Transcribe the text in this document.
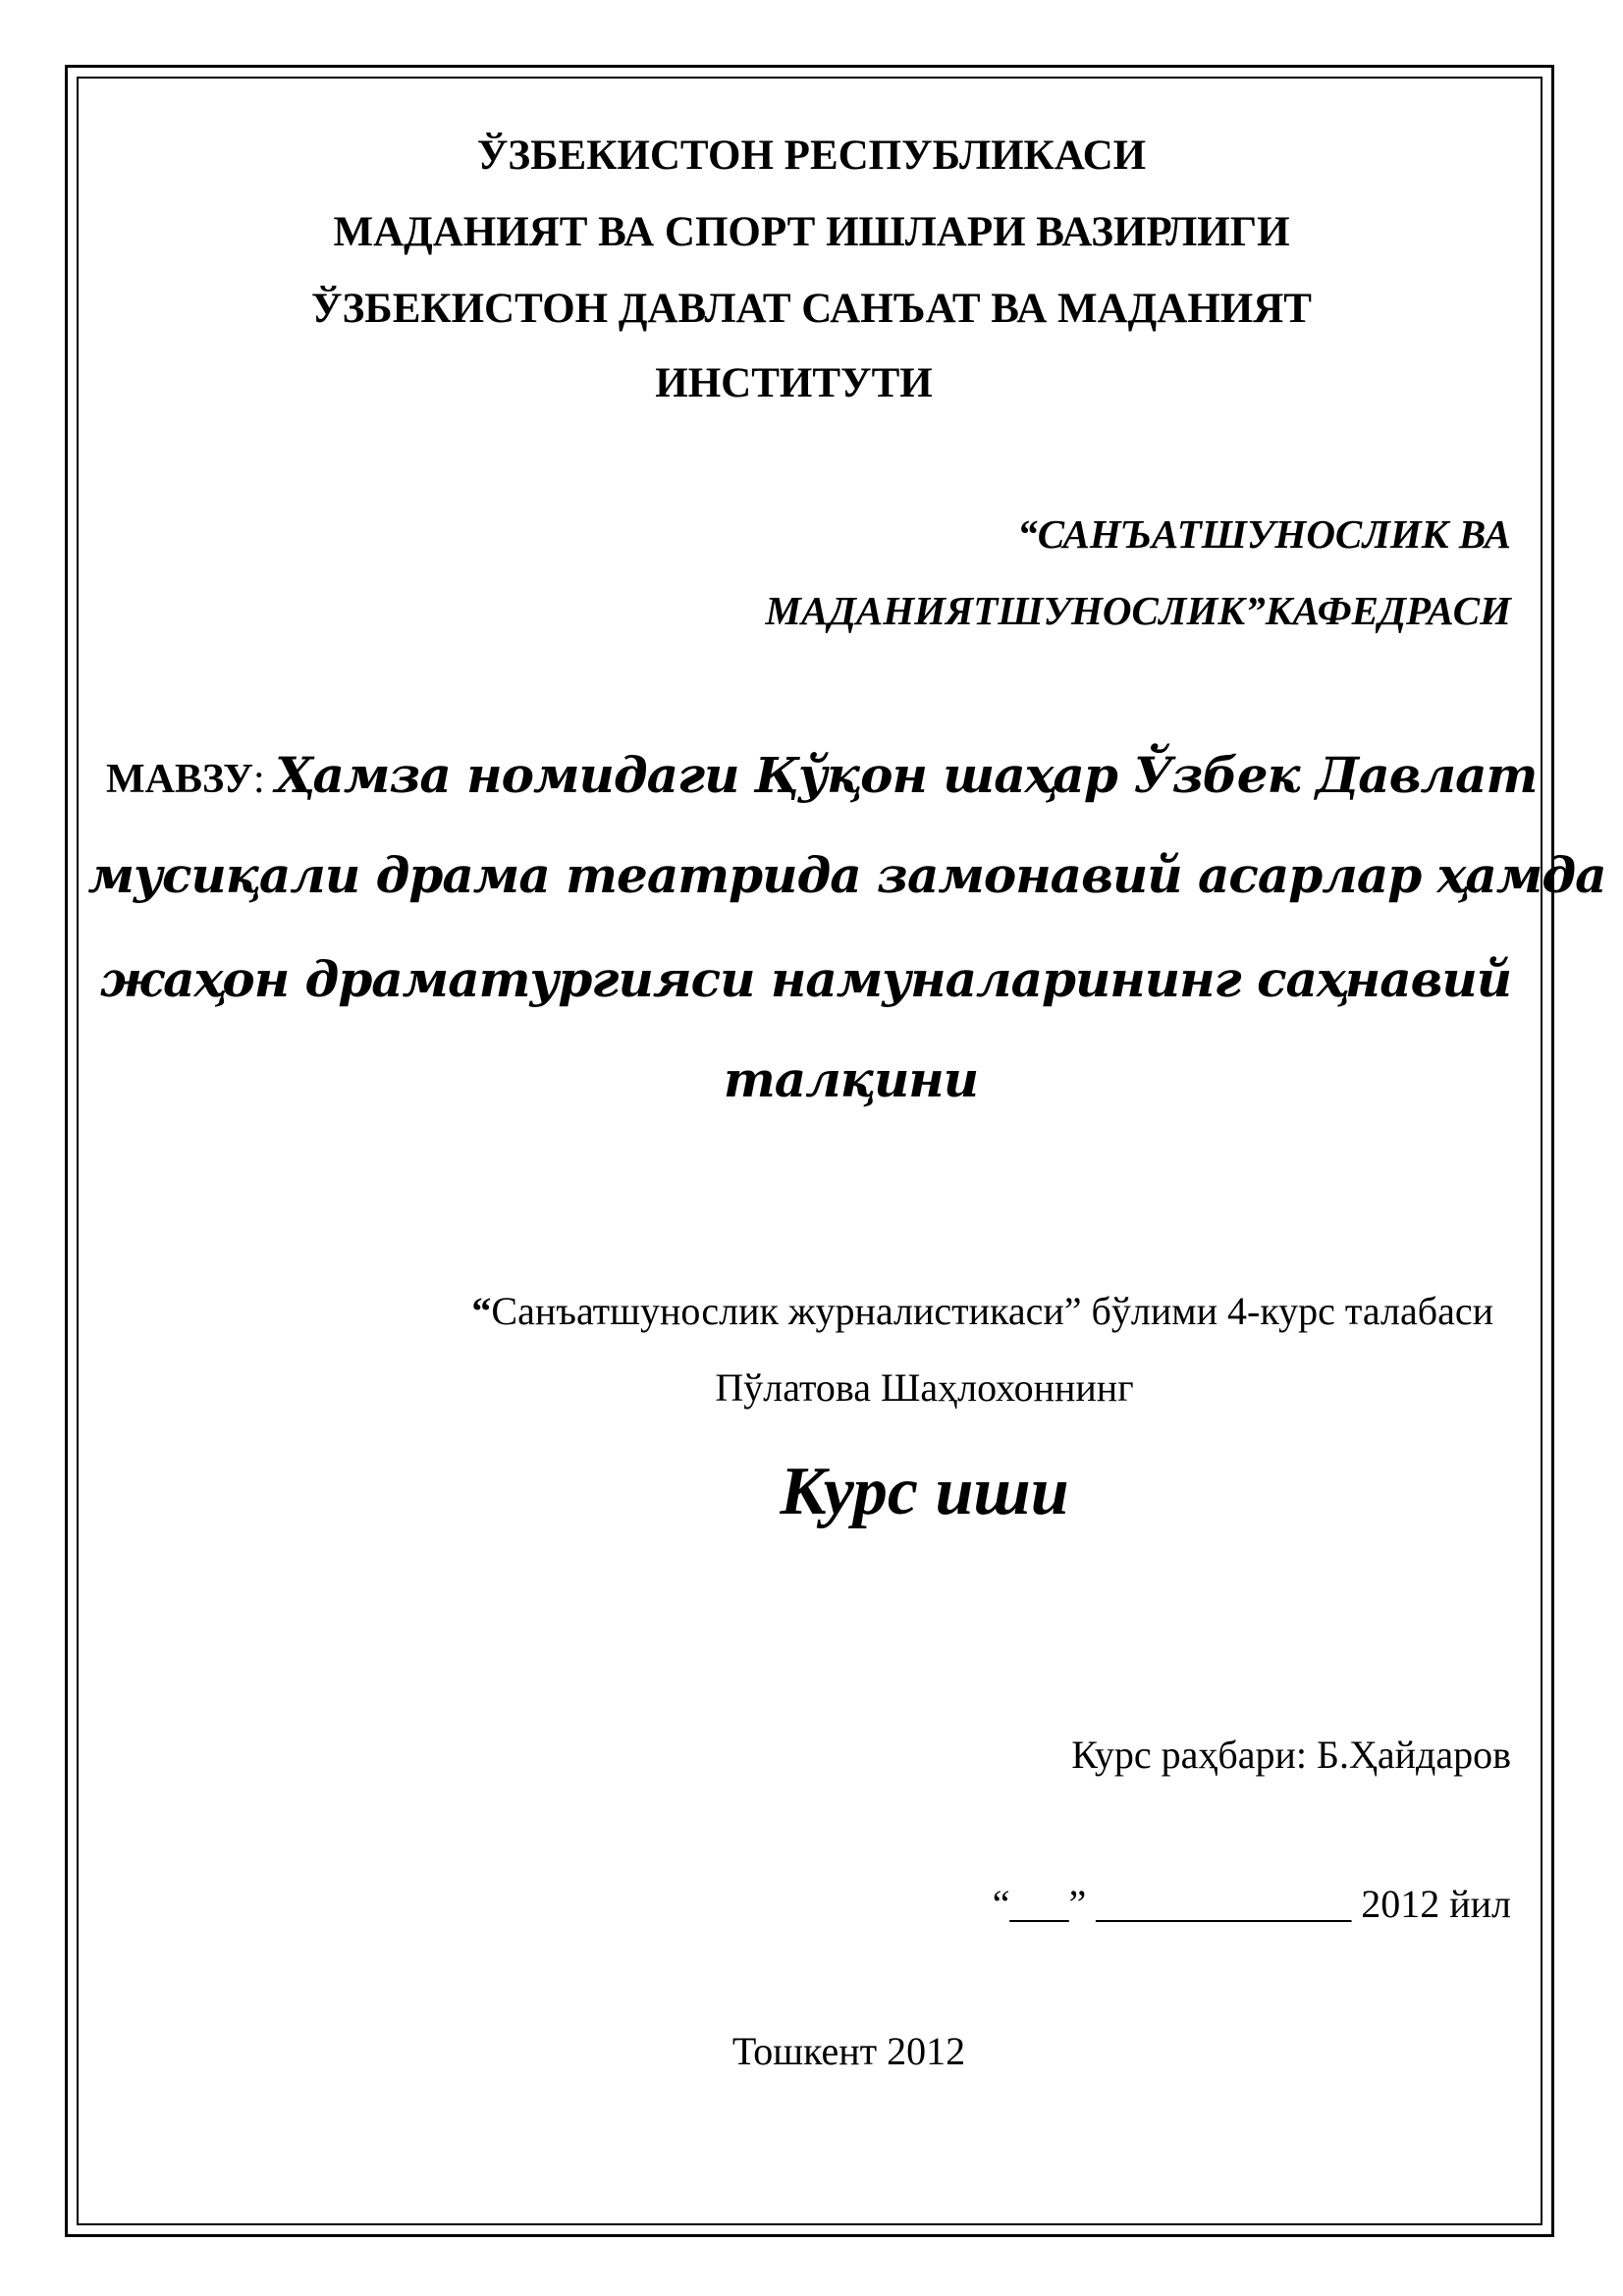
ЎЗБЕКИСТОН РЕСПУБЛИКАСИ
МАДАНИЯТ ВА СПОРТ ИШЛАРИ ВАЗИРЛИГИ
ЎЗБЕКИСТОН ДАВЛАТ САНЪАТ ВА МАДАНИЯТ
ИНСТИТУТИ
“САНЪАТШУНОСЛИК ВА
МАДАНИЯТШУНОСЛИК”КАФЕДРАСИ
МАВЗУ: Ҳамза номидаги Қўқон шаҳар Ўзбек Давлат
мусиқали драма театрида замонавий асарлар ҳамда
жаҳон драматургияси намуналарининг саҳнавий
талқини
“Санъатшунослик журналистикаси” бўлими 4-курс талабаси
Пўлатова Шаҳлохоннинг
Курс иши
Курс раҳбари: Б.Ҳайдаров
“___” _____________ 2012 йил
Тошкент 2012
